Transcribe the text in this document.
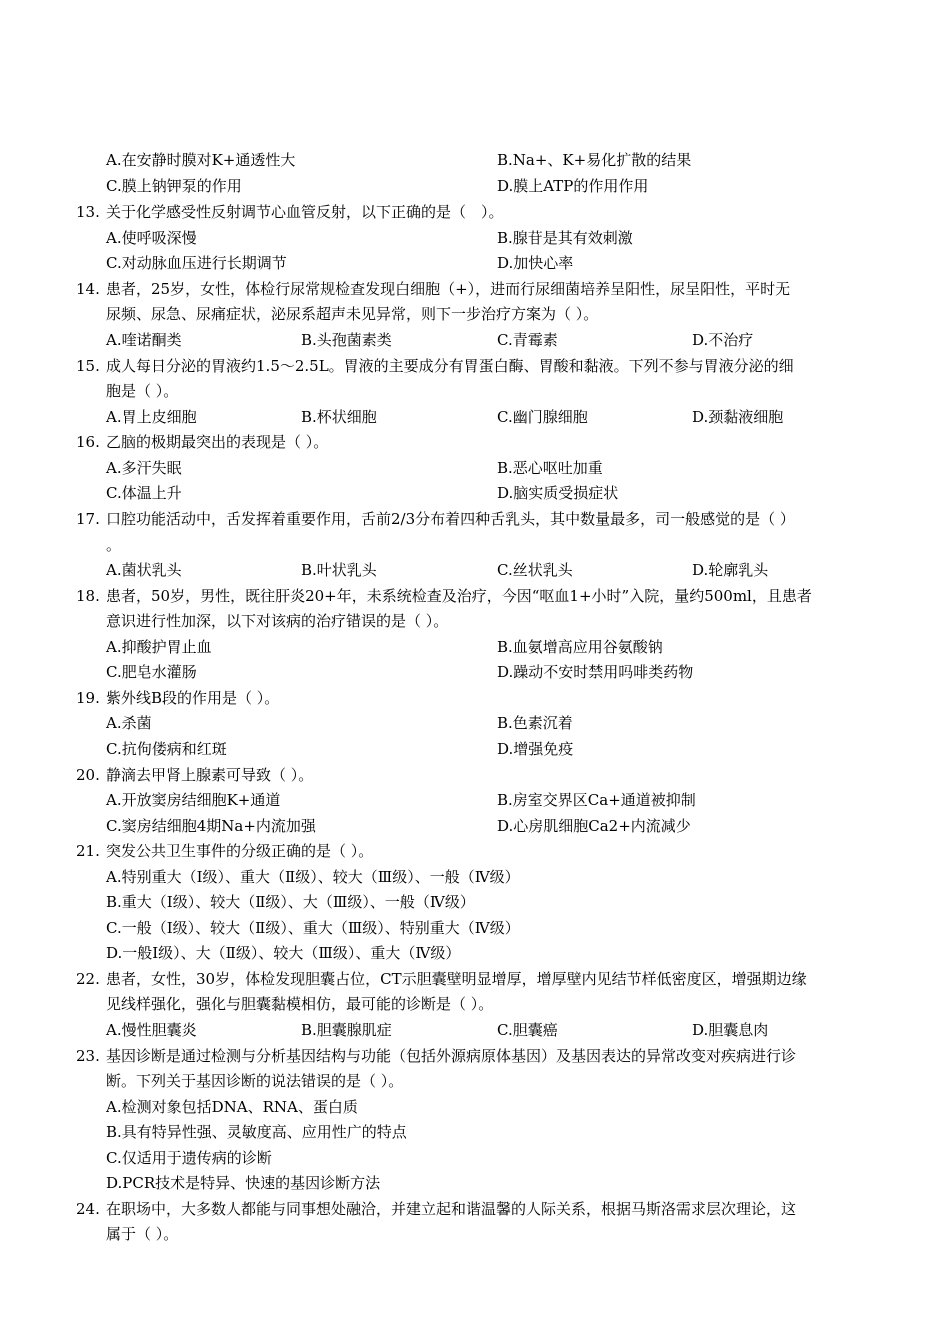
A.在安静时膜对K+通透性大	B.Na+、K+易化扩散的结果
C.膜上钠钾泵的作用	D.膜上ATP的作用作用
13. 关于化学感受性反射调节心血管反射，以下正确的是（　）。
A.使呼吸深慢	B.腺苷是其有效刺激
C.对动脉血压进行长期调节	D.加快心率
14. 患者，25岁，女性，体检行尿常规检查发现白细胞（+），进而行尿细菌培养呈阳性，尿呈阳性，平时无
尿频、尿急、尿痛症状，泌尿系超声未见异常，则下一步治疗方案为（ ）。
A.喹诺酮类	B.头孢菌素类	C.青霉素	D.不治疗
15. 成人每日分泌的胃液约1.5～2.5L。胃液的主要成分有胃蛋白酶、胃酸和黏液。下列不参与胃液分泌的细
胞是（ ）。
A.胃上皮细胞	B.杯状细胞	C.幽门腺细胞	D.颈黏液细胞
16. 乙脑的极期最突出的表现是（ ）。
A.多汗失眠	B.恶心呕吐加重
C.体温上升	D.脑实质受损症状
17. 口腔功能活动中，舌发挥着重要作用，舌前2/3分布着四种舌乳头，其中数量最多，司一般感觉的是（ ）
。
A.菌状乳头	B.叶状乳头	C.丝状乳头	D.轮廓乳头
18. 患者，50岁，男性，既往肝炎20+年，未系统检查及治疗，今因“呕血1+小时”入院，量约500ml，且患者
意识进行性加深，以下对该病的治疗错误的是（ ）。
A.抑酸护胃止血	B.血氨增高应用谷氨酸钠
C.肥皂水灌肠	D.躁动不安时禁用吗啡类药物
19. 紫外线B段的作用是（ ）。
A.杀菌	B.色素沉着
C.抗佝偻病和红斑	D.增强免疫
20. 静滴去甲肾上腺素可导致（ ）。
A.开放窦房结细胞K+通道	B.房室交界区Ca+通道被抑制
C.窦房结细胞4期Na+内流加强	D.心房肌细胞Ca2+内流减少
21. 突发公共卫生事件的分级正确的是（ ）。
A.特别重大（Ⅰ级）、重大（Ⅱ级）、较大（Ⅲ级）、一般（Ⅳ级）
B.重大（Ⅰ级）、较大（Ⅱ级）、大（Ⅲ级）、一般（Ⅳ级）
C.一般（Ⅰ级）、较大（Ⅱ级）、重大（Ⅲ级）、特别重大（Ⅳ级）
D.一般Ⅰ级）、大（Ⅱ级）、较大（Ⅲ级）、重大（Ⅳ级）
22. 患者，女性，30岁，体检发现胆囊占位，CT示胆囊壁明显增厚，增厚壁内见结节样低密度区，增强期边缘
见线样强化，强化与胆囊黏模相仿，最可能的诊断是（ ）。
A.慢性胆囊炎	B.胆囊腺肌症	C.胆囊癌	D.胆囊息肉
23. 基因诊断是通过检测与分析基因结构与功能（包括外源病原体基因）及基因表达的异常改变对疾病进行诊
断。下列关于基因诊断的说法错误的是（ ）。
A.检测对象包括DNA、RNA、蛋白质
B.具有特异性强、灵敏度高、应用性广的特点
C.仅适用于遗传病的诊断
D.PCR技术是特异、快速的基因诊断方法
24. 在职场中，大多数人都能与同事想处融洽，并建立起和谐温馨的人际关系，根据马斯洛需求层次理论，这
属于（ ）。
